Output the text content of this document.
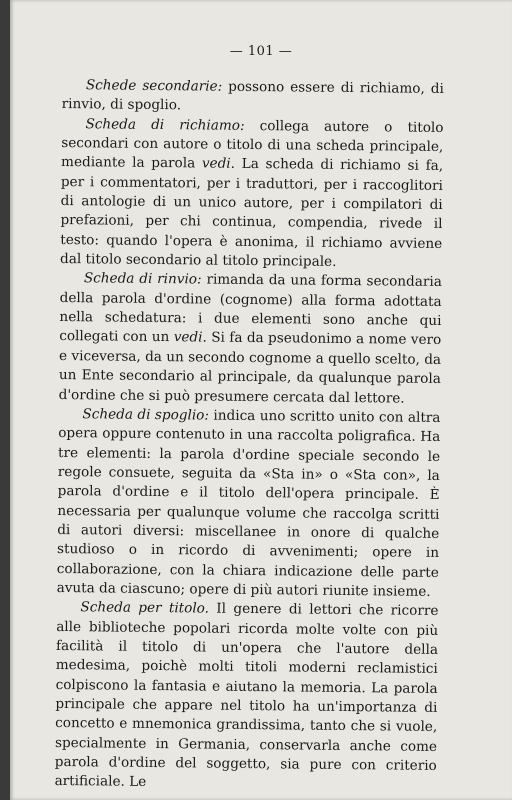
— 101 —

Schede secondarie: possono essere di richiamo, di rinvio, di spoglio.

Scheda di richiamo: collega autore o titolo secondari con autore o titolo di una scheda principale, mediante la parola vedi. La scheda di richiamo si fa, per i commentatori, per i traduttori, per i raccoglitori di antologie di un unico autore, per i compilatori di prefazioni, per chi continua, compendia, rivede il testo: quando l'opera è anonima, il richiamo avviene dal titolo secondario al titolo principale.

Scheda di rinvio: rimanda da una forma secondaria della parola d'ordine (cognome) alla forma adottata nella schedatura: i due elementi sono anche qui collegati con un vedi. Si fa da pseudonimo a nome vero e viceversa, da un secondo cognome a quello scelto, da un Ente secondario al principale, da qualunque parola d'ordine che si può presumere cercata dal lettore.

Scheda di spoglio: indica uno scritto unito con altra opera oppure contenuto in una raccolta poligrafica. Ha tre elementi: la parola d'ordine speciale secondo le regole consuete, seguita da «Sta in» o «Sta con», la parola d'ordine e il titolo dell'opera principale. È necessaria per qualunque volume che raccolga scritti di autori diversi: miscellanee in onore di qualche studioso o in ricordo di avvenimenti; opere in collaborazione, con la chiara indicazione delle parte avuta da ciascuno; opere di più autori riunite insieme.

Scheda per titolo. Il genere di lettori che ricorre alle biblioteche popolari ricorda molte volte con più facilità il titolo di un'opera che l'autore della medesima, poichè molti titoli moderni reclamistici colpiscono la fantasia e aiutano la memoria. La parola principale che appare nel titolo ha un'importanza di concetto e mnemonica grandissima, tanto che si vuole, specialmente in Germania, conservarla anche come parola d'ordine del soggetto, sia pure con criterio artificiale. Le
